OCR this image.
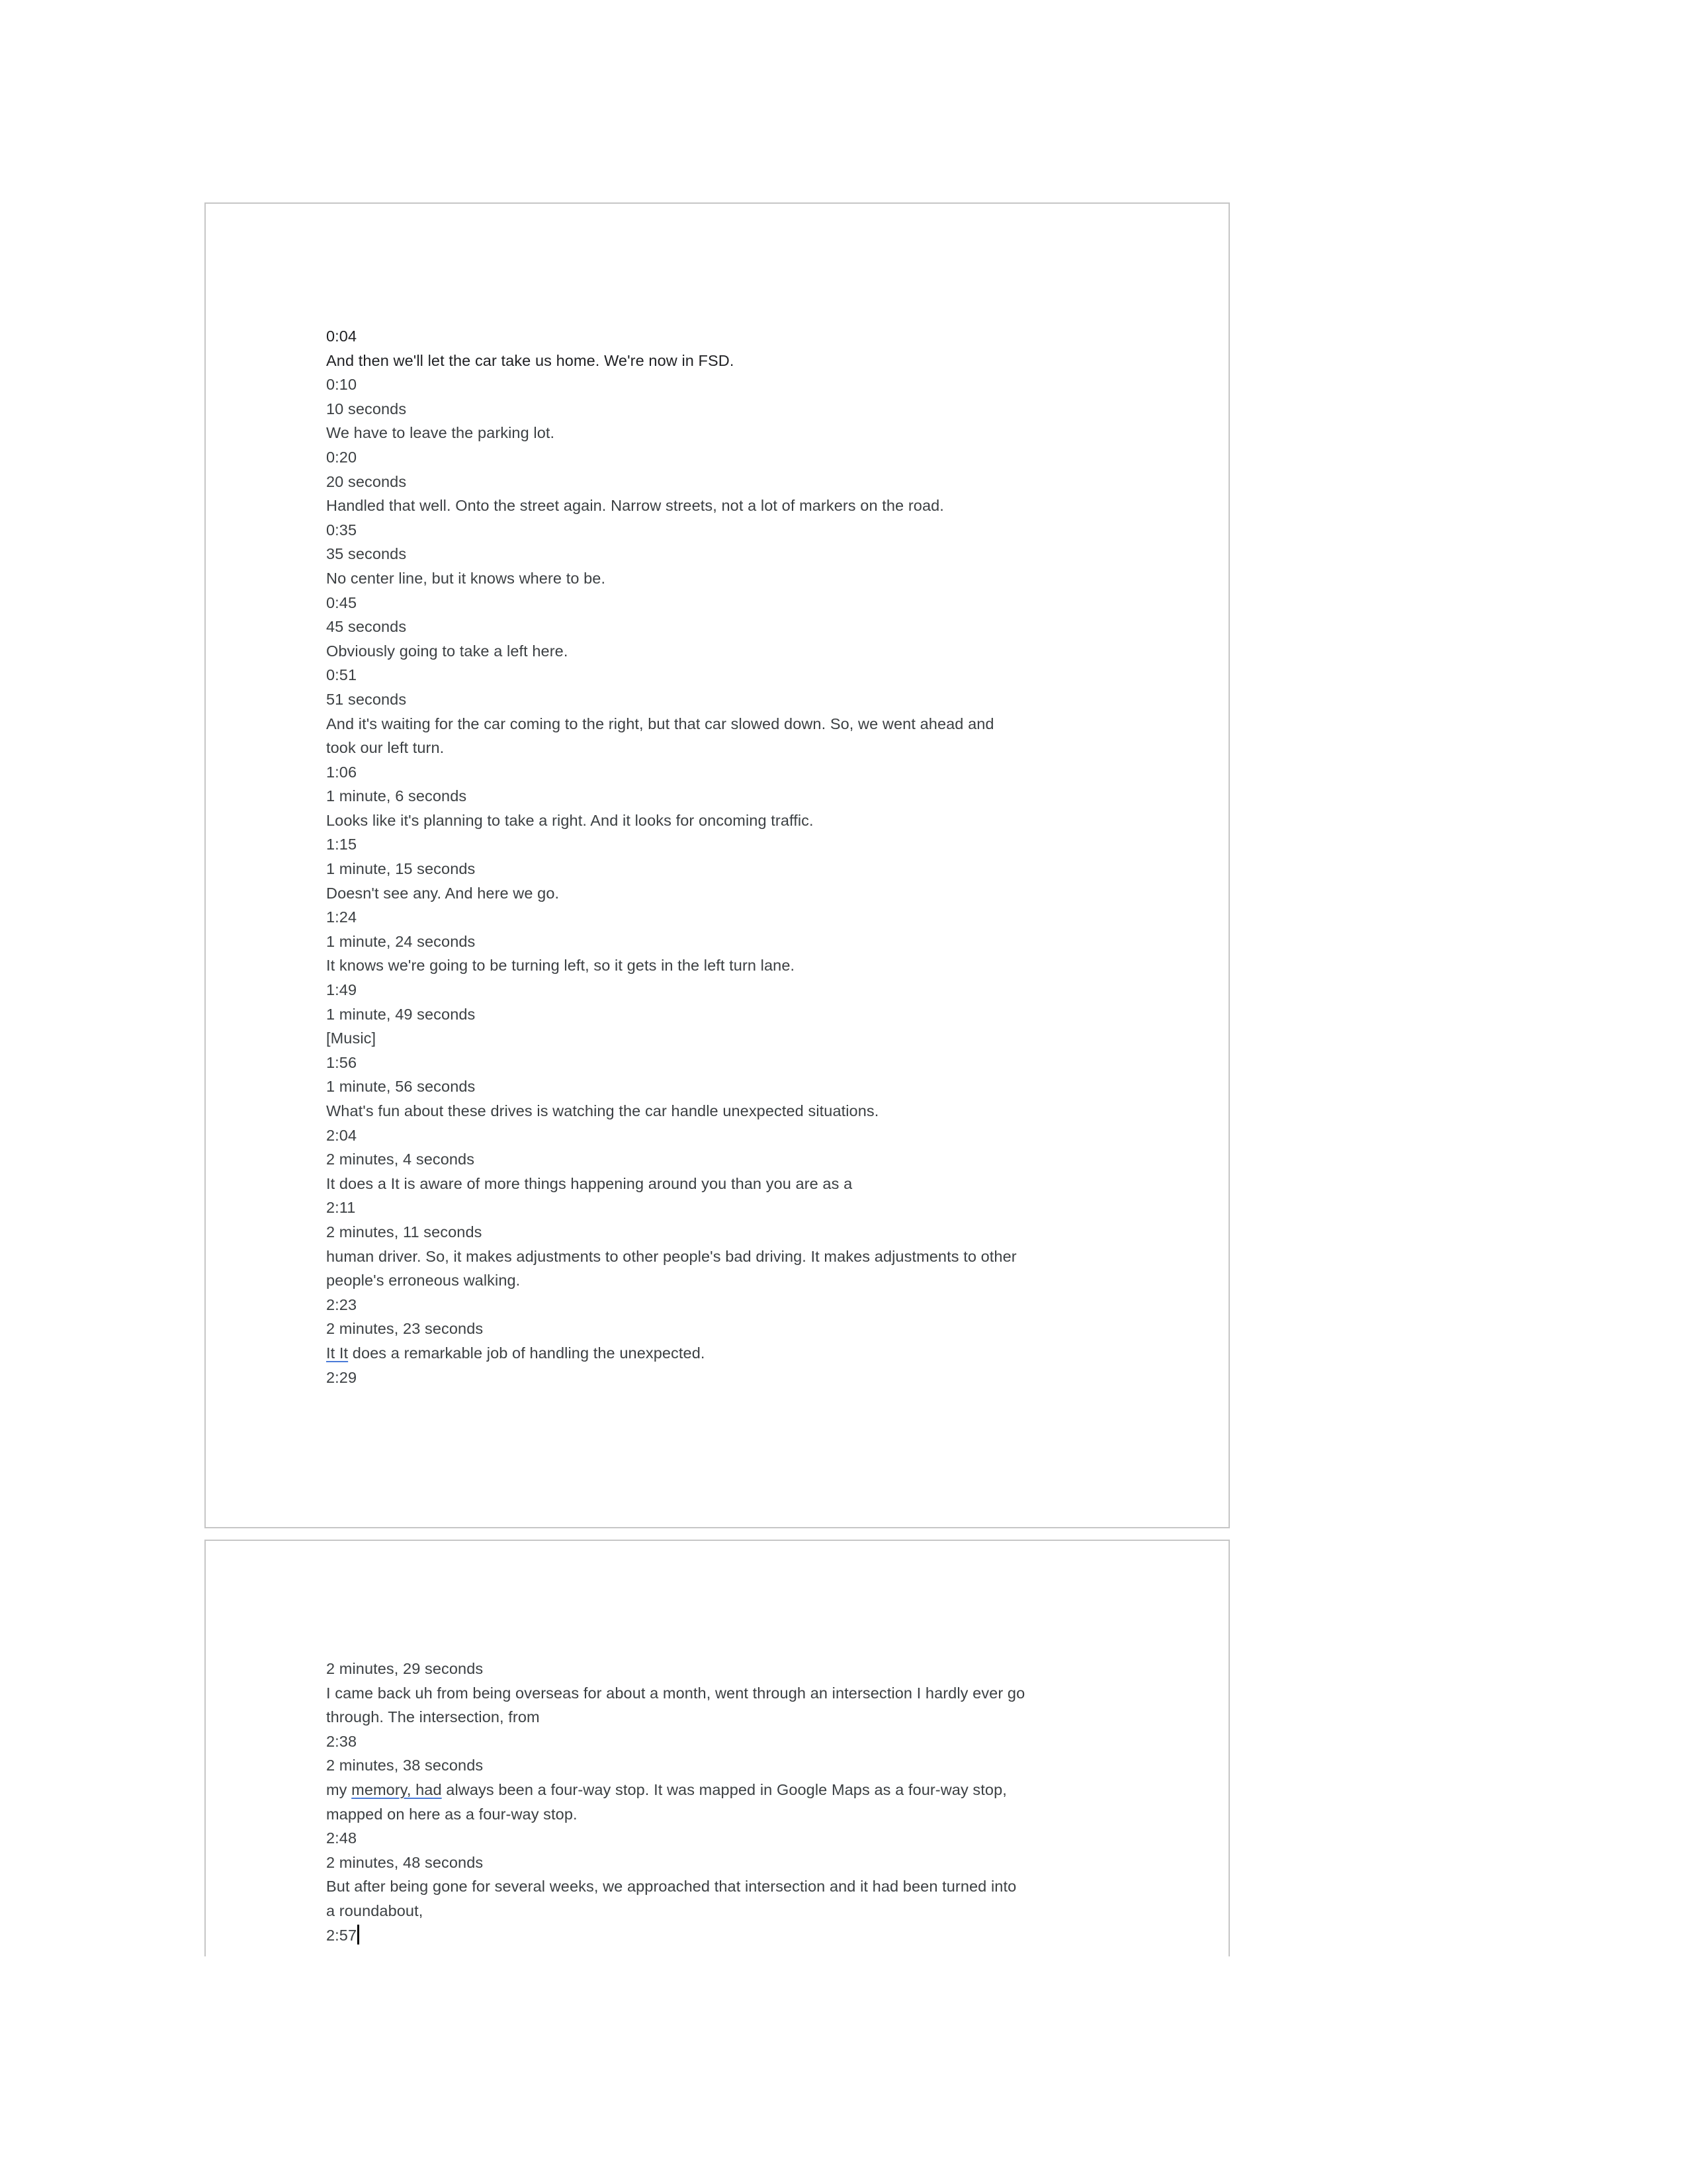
0:04
And then we'll let the car take us home. We're now in FSD.
0:10
10 seconds
We have to leave the parking lot.
0:20
20 seconds
Handled that well. Onto the street again. Narrow streets, not a lot of markers on the road.
0:35
35 seconds
No center line, but it knows where to be.
0:45
45 seconds
Obviously going to take a left here.
0:51
51 seconds
And it's waiting for the car coming to the right, but that car slowed down. So, we went ahead and
took our left turn.
1:06
1 minute, 6 seconds
Looks like it's planning to take a right. And it looks for oncoming traffic.
1:15
1 minute, 15 seconds
Doesn't see any. And here we go.
1:24
1 minute, 24 seconds
It knows we're going to be turning left, so it gets in the left turn lane.
1:49
1 minute, 49 seconds
[Music]
1:56
1 minute, 56 seconds
What's fun about these drives is watching the car handle unexpected situations.
2:04
2 minutes, 4 seconds
It does a It is aware of more things happening around you than you are as a
2:11
2 minutes, 11 seconds
human driver. So, it makes adjustments to other people's bad driving. It makes adjustments to other
people's erroneous walking.
2:23
2 minutes, 23 seconds
It It does a remarkable job of handling the unexpected.
2:29
2 minutes, 29 seconds
I came back uh from being overseas for about a month, went through an intersection I hardly ever go
through. The intersection, from
2:38
2 minutes, 38 seconds
my memory, had always been a four-way stop. It was mapped in Google Maps as a four-way stop,
mapped on here as a four-way stop.
2:48
2 minutes, 48 seconds
But after being gone for several weeks, we approached that intersection and it had been turned into
a roundabout,
2:57
